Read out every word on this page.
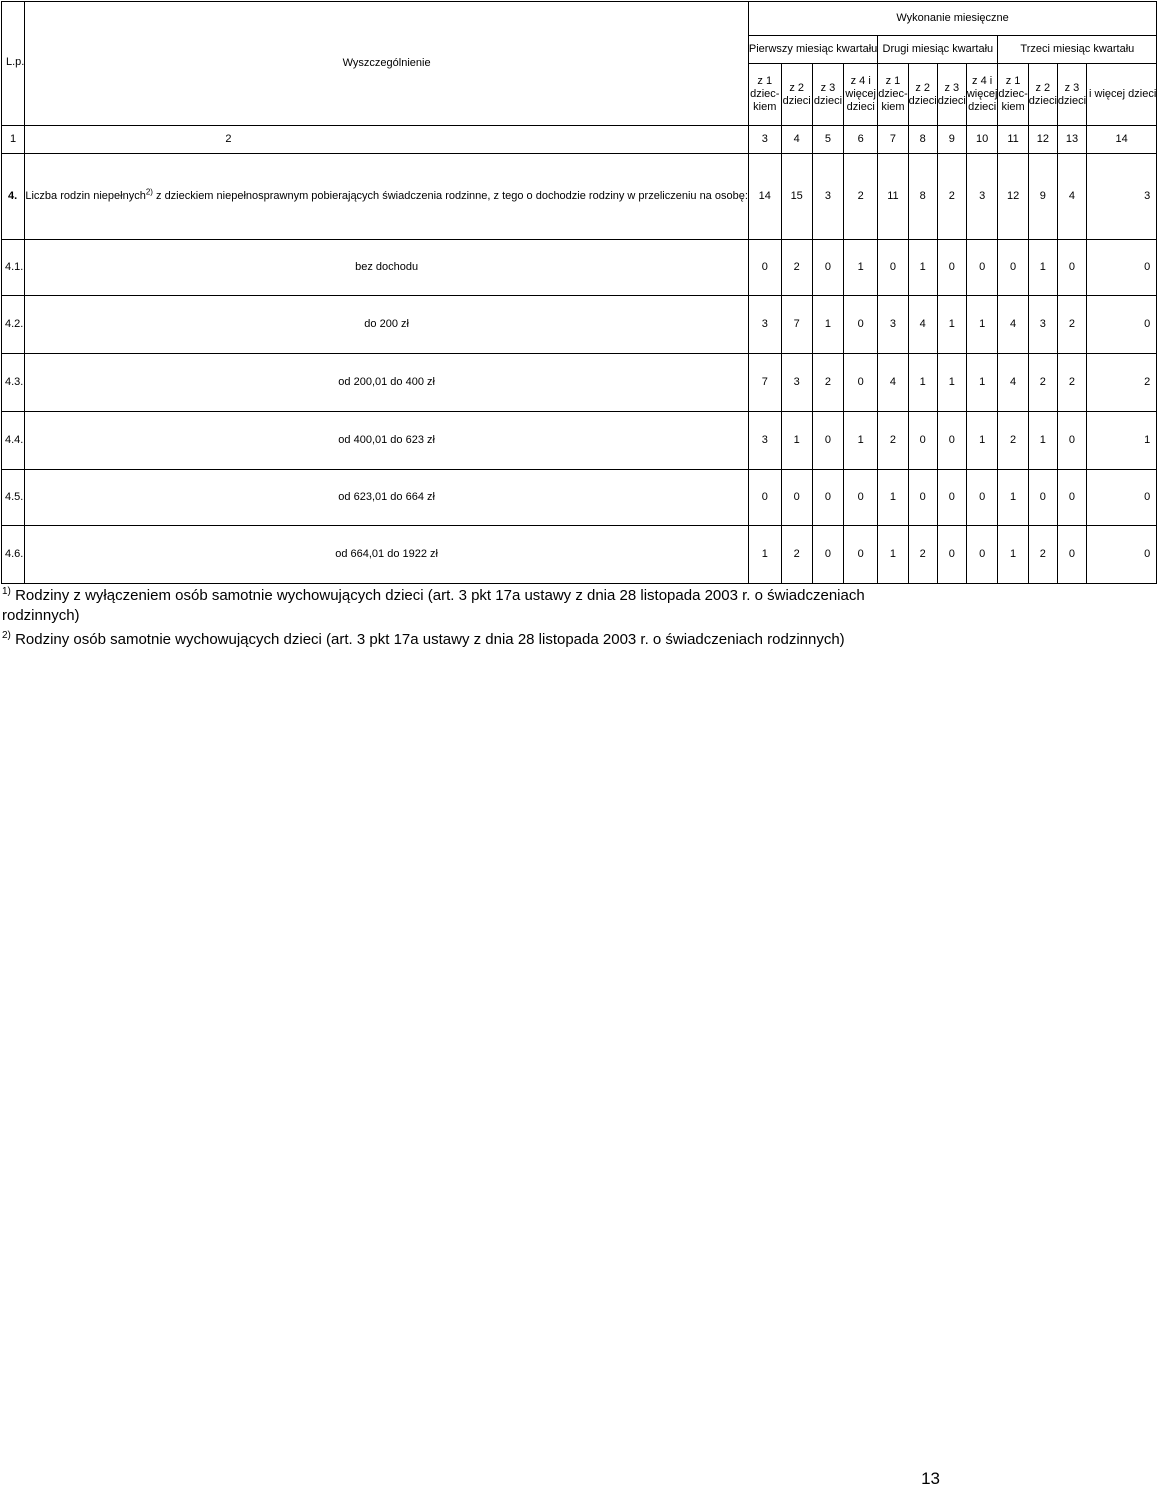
L.p.	Wyszczególnienie	Wykonanie miesięczne											
		Pierwszy miesiąc kwartału				Drugi miesiąc kwartału				Trzeci miesiąc kwartału			
		z 1 dziec-kiem	z 2 dzieci	z 3 dzieci	z 4 i więcej dzieci	z 1 dziec-kiem	z 2 dzieci	z 3 dzieci	z 4 i więcej dzieci	z 1 dziec-kiem	z 2 dzieci	z 3 dzieci	i więcej dzieci
1	2	3	4	5	6	7	8	9	10	11	12	13	14
4.	Liczba rodzin niepełnych$^{2)}$ z dzieckiem niepełnosprawnym pobierających świadczenia rodzinne, z tego o dochodzie rodziny w przeliczeniu na osobę:	14	15	3	2	11	8	2	3	12	9	4	3
4.1.	bez dochodu	0	2	0	1	0	1	0	0	0	1	0	0
4.2.	do 200 zł	3	7	1	0	3	4	1	1	4	3	2	0
4.3.	od 200,01 do 400 zł	7	3	2	0	4	1	1	1	4	2	2	2
4.4.	od 400,01 do 623 zł	3	1	0	1	2	0	0	1	2	1	0	1
4.5.	od 623,01 do 664 zł	0	0	0	0	1	0	0	0	1	0	0	0
4.6.	od 664,01 do 1922 zł	1	2	0	0	1	2	0	0	1	2	0	0
$^{1)}$ Rodziny z wyłączeniem osób samotnie wychowujących dzieci (art. 3 pkt 17a ustawy z dnia 28 listopada 2003 r. o świadczeniach rodzinnych)
$^{2)}$ Rodziny osób samotnie wychowujących dzieci (art. 3 pkt 17a ustawy z dnia 28 listopada 2003 r. o świadczeniach rodzinnych)
13
